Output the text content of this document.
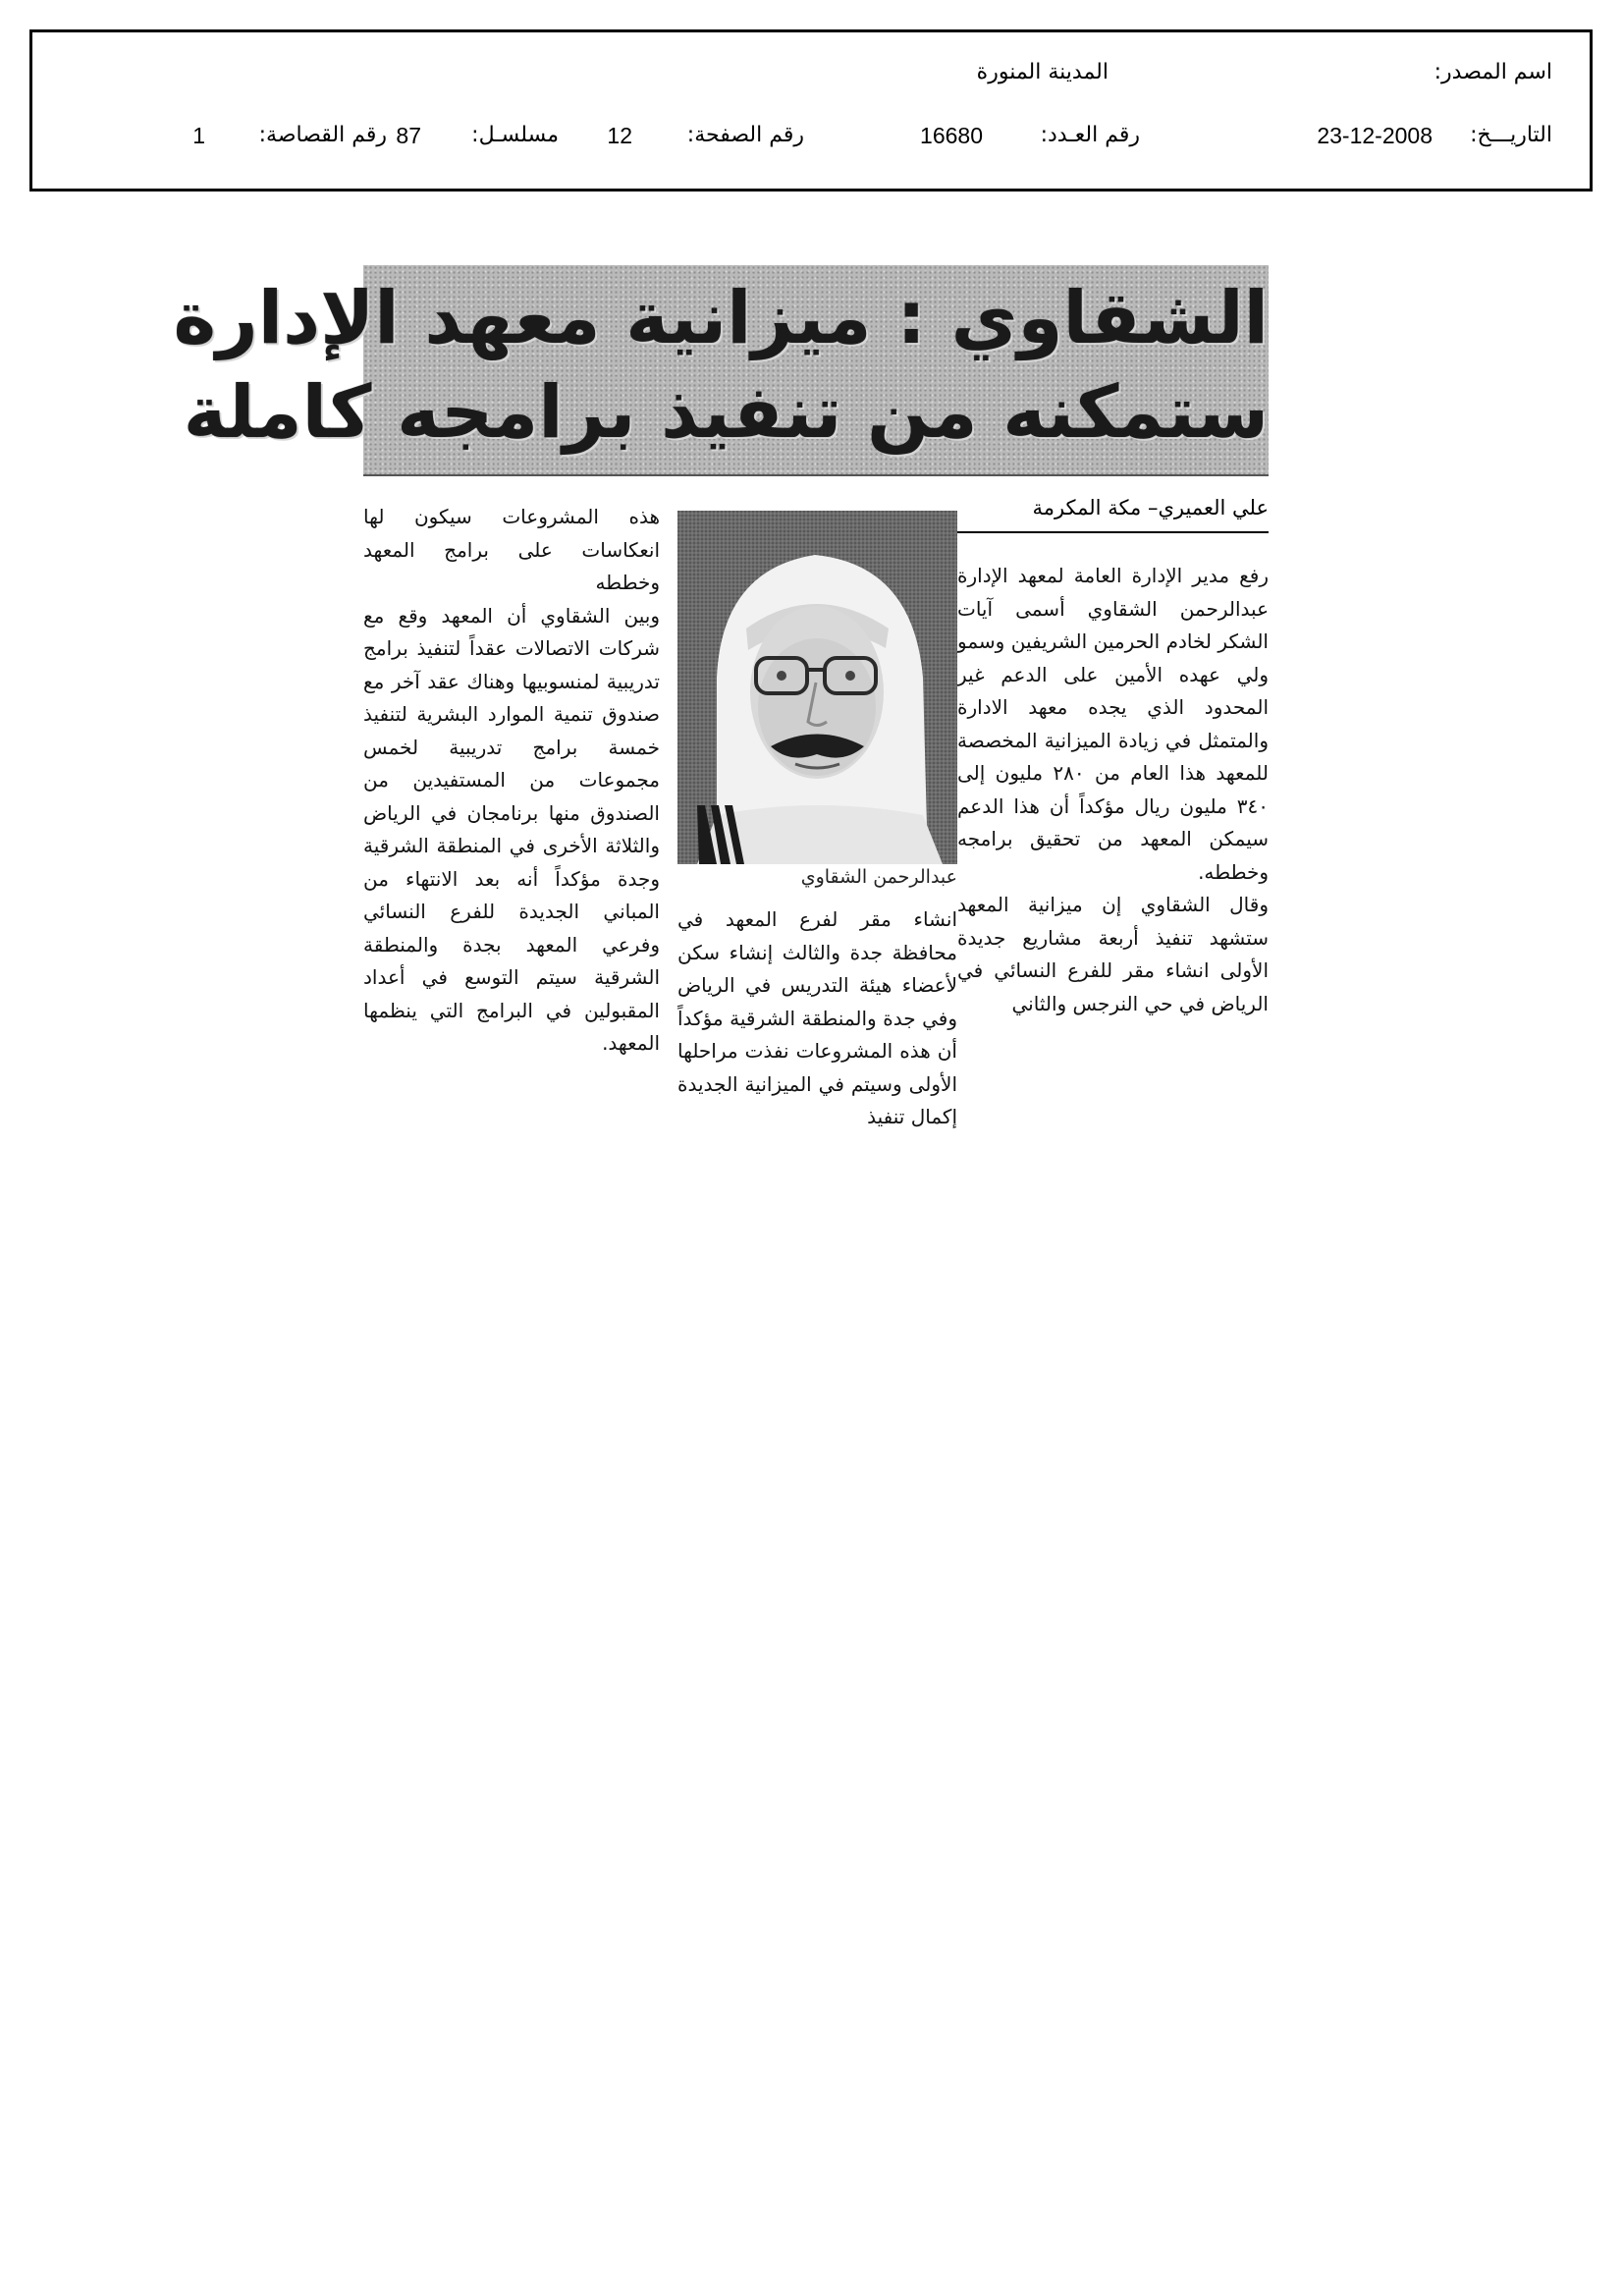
اسم المصدر:
المدينة المنورة
التاريـــخ:
23-12-2008
رقم العـدد:
16680
رقم الصفحة:
12
مسلسـل:
87
رقم القصاصة:
1
الشقاوي : ميزانية معهد الإدارة
ستمكنه من تنفيذ برامجه كاملة
علي العميري– مكة المكرمة

رفع مدير الإدارة العامة لمعهد الإدارة عبدالرحمن الشقاوي أسمى آيات الشكر لخادم الحرمين الشريفين وسمو ولي عهده الأمين على الدعم غير المحدود الذي يجده معهد الادارة والمتمثل في زيادة الميزانية المخصصة للمعهد هذا العام من ٢٨٠ مليون إلى ٣٤٠ مليون ريال مؤكداً أن هذا الدعم سيمكن المعهد من تحقيق برامجه وخططه.

وقال الشقاوي إن ميزانية المعهد ستشهد تنفيذ أربعة مشاريع جديدة الأولى انشاء مقر للفرع النسائي في الرياض في حي النرجس والثاني

عبدالرحمن الشقاوي

انشاء مقر لفرع المعهد في محافظة جدة والثالث إنشاء سكن لأعضاء هيئة التدريس في الرياض وفي جدة والمنطقة الشرقية مؤكداً أن هذه المشروعات نفذت مراحلها الأولى وسيتم في الميزانية الجديدة إكمال تنفيذ

هذه المشروعات سيكون لها انعكاسات على برامج المعهد وخططه

وبين الشقاوي أن المعهد وقع مع شركات الاتصالات عقداً لتنفيذ برامج تدريبية لمنسوبيها وهناك عقد آخر مع صندوق تنمية الموارد البشرية لتنفيذ خمسة برامج تدريبية لخمس مجموعات من المستفيدين من الصندوق منها برنامجان في الرياض والثلاثة الأخرى في المنطقة الشرقية وجدة مؤكداً أنه بعد الانتهاء من المباني الجديدة للفرع النسائي وفرعي المعهد بجدة والمنطقة الشرقية سيتم التوسع في أعداد المقبولين في البرامج التي ينظمها المعهد.
